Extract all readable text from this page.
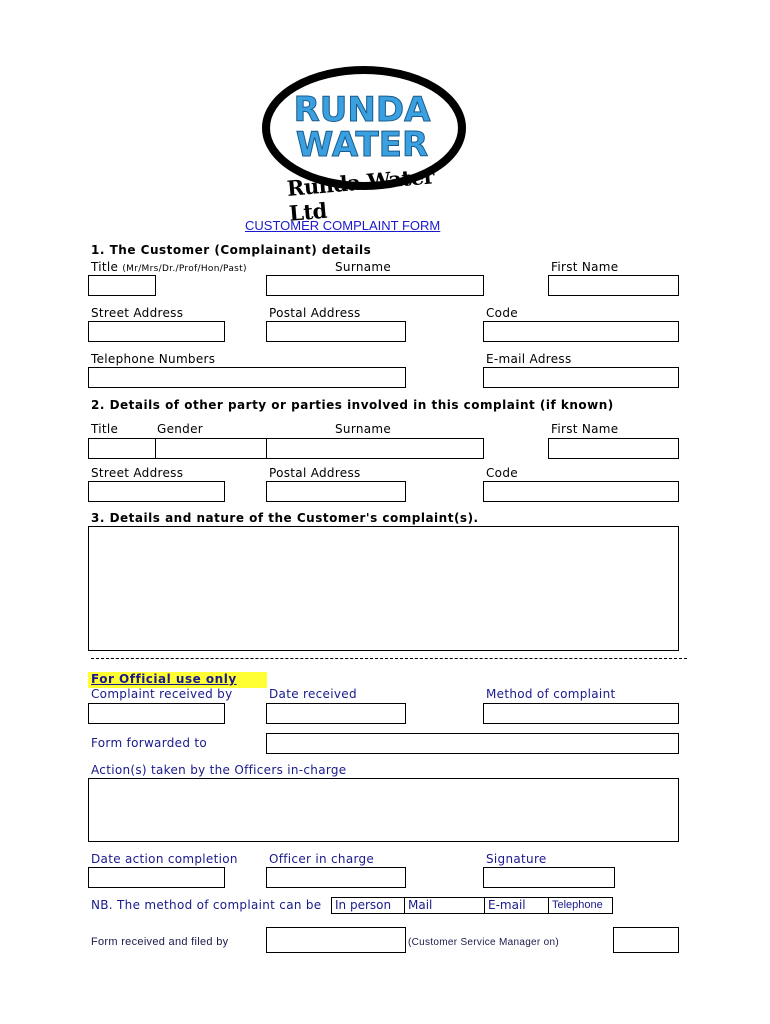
RUNDA
WATER
Runda Water Ltd
CUSTOMER COMPLAINT FORM
1. The Customer (Complainant) details
Title (Mr/Mrs/Dr./Prof/Hon/Past)	Surname	First Name
Street Address	Postal Address	Code
Telephone Numbers	E-mail Adress
2. Details of other party or parties involved in this complaint (if known)
Title	Gender	Surname	First Name
Street Address	Postal Address	Code
3. Details and nature of the Customer's complaint(s).
For Official use only
Complaint received by	Date received	Method of complaint
Form forwarded to
Action(s) taken by the Officers in-charge
Date action completion	Officer in charge	Signature
NB. The method of complaint can be	In person	Mail	E-mail	Telephone
Form received and filed by	(Customer Service Manager on)
